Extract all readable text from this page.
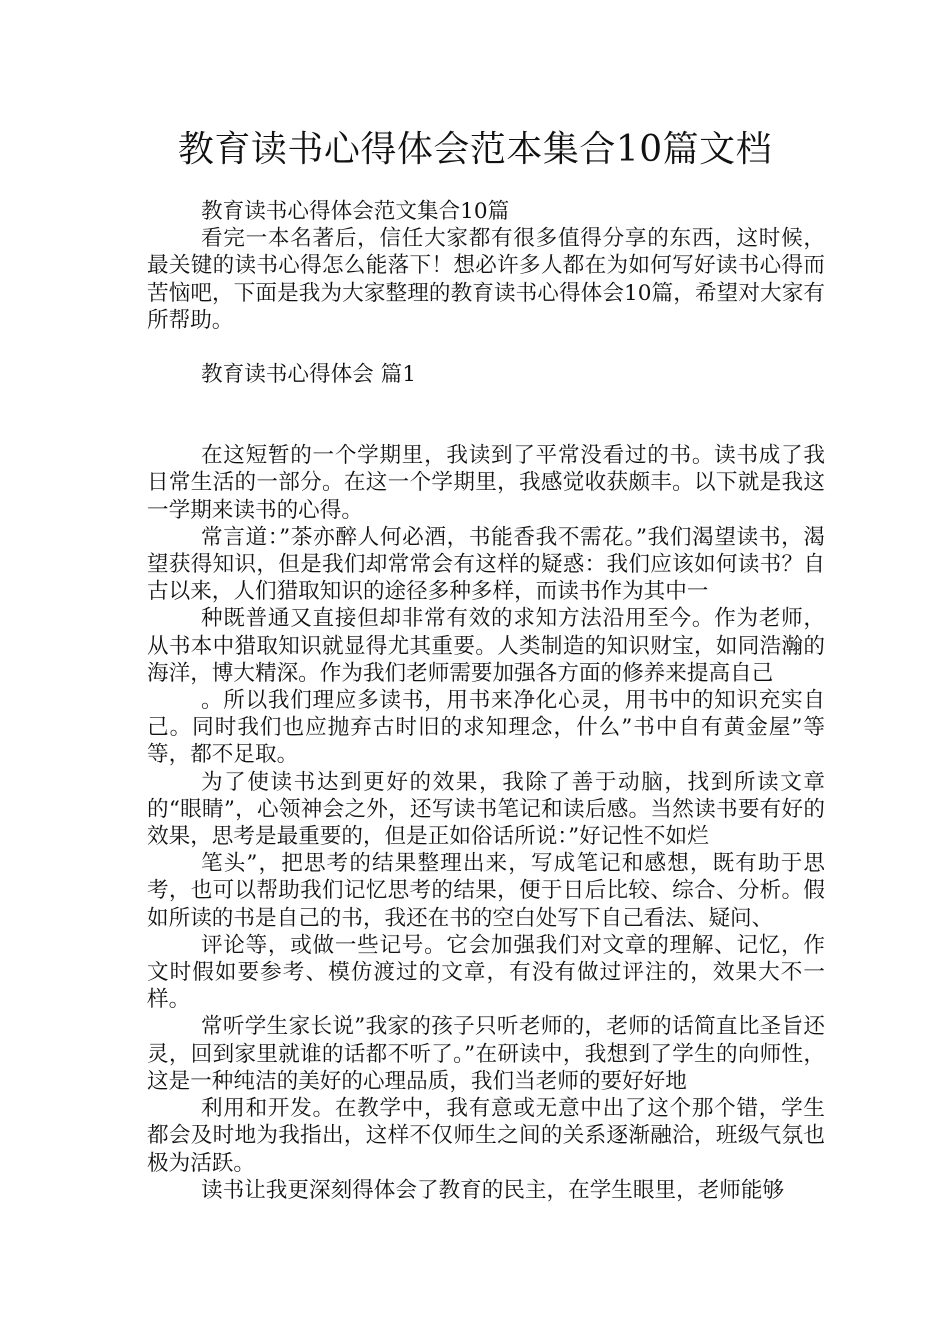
教育读书心得体会范本集合10篇文档

教育读书心得体会范文集合10篇

看完一本名著后，信任大家都有很多值得分享的东西，这时候，最关键的读书心得怎么能落下！想必许多人都在为如何写好读书心得而苦恼吧，下面是我为大家整理的教育读书心得体会10篇，希望对大家有所帮助。

教育读书心得体会 篇1

在这短暂的一个学期里，我读到了平常没看过的书。读书成了我日常生活的一部分。在这一个学期里，我感觉收获颇丰。以下就是我这一学期来读书的心得。

常言道：”茶亦醉人何必酒，书能香我不需花。”我们渴望读书，渴望获得知识，但是我们却常常会有这样的疑惑：我们应该如何读书？自古以来，人们猎取知识的途径多种多样，而读书作为其中一

种既普通又直接但却非常有效的求知方法沿用至今。作为老师，从书本中猎取知识就显得尤其重要。人类制造的知识财宝，如同浩瀚的海洋，博大精深。作为我们老师需要加强各方面的修养来提高自己

。所以我们理应多读书，用书来净化心灵，用书中的知识充实自己。同时我们也应抛弃古时旧的求知理念，什么”书中自有黄金屋”等等，都不足取。

为了使读书达到更好的效果，我除了善于动脑，找到所读文章的“眼睛”，心领神会之外，还写读书笔记和读后感。当然读书要有好的效果，思考是最重要的，但是正如俗话所说：”好记性不如烂

笔头”，把思考的结果整理出来，写成笔记和感想，既有助于思考，也可以帮助我们记忆思考的结果，便于日后比较、综合、分析。假如所读的书是自己的书，我还在书的空白处写下自己看法、疑问、

评论等，或做一些记号。它会加强我们对文章的理解、记忆，作文时假如要参考、模仿渡过的文章，有没有做过评注的，效果大不一样。

常听学生家长说”我家的孩子只听老师的，老师的话简直比圣旨还灵，回到家里就谁的话都不听了。”在研读中，我想到了学生的向师性，这是一种纯洁的美好的心理品质，我们当老师的要好好地

利用和开发。在教学中，我有意或无意中出了这个那个错，学生都会及时地为我指出，这样不仅师生之间的关系逐渐融洽，班级气氛也极为活跃。

读书让我更深刻得体会了教育的民主，在学生眼里，老师能够
